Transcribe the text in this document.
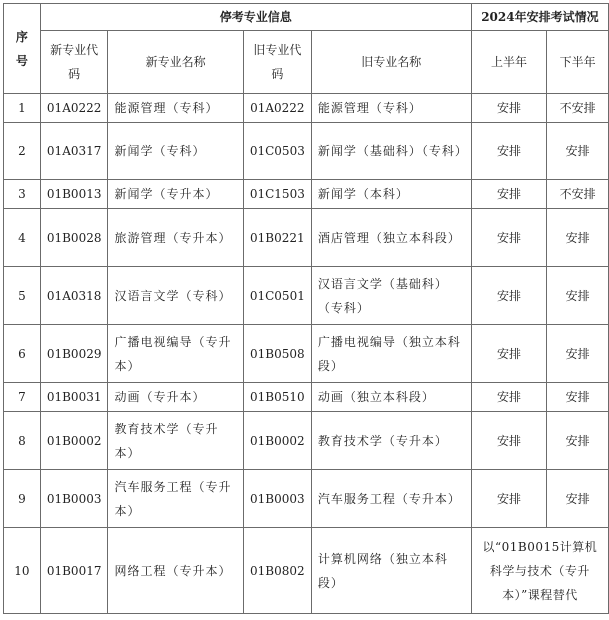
序号	停考专业信息				2024年安排考试情况	
	新专业代码	新专业名称	旧专业代码	旧专业名称	上半年	下半年
1	01A0222	能源管理（专科）	01A0222	能源管理（专科）	安排	不安排
2	01A0317	新闻学（专科）	01C0503	新闻学（基础科）（专科）	安排	安排
3	01B0013	新闻学（专升本）	01C1503	新闻学（本科）	安排	不安排
4	01B0028	旅游管理（专升本）	01B0221	酒店管理（独立本科段）	安排	安排
5	01A0318	汉语言文学（专科）	01C0501	汉语言文学（基础科）（专科）	安排	安排
6	01B0029	广播电视编导（专升本）	01B0508	广播电视编导（独立本科段）	安排	安排
7	01B0031	动画（专升本）	01B0510	动画（独立本科段）	安排	安排
8	01B0002	教育技术学（专升本）	01B0002	教育技术学（专升本）	安排	安排
9	01B0003	汽车服务工程（专升本）	01B0003	汽车服务工程（专升本）	安排	安排
10	01B0017	网络工程（专升本）	01B0802	计算机网络（独立本科段）	以“01B0015计算机科学与技术（专升本）”课程替代	
